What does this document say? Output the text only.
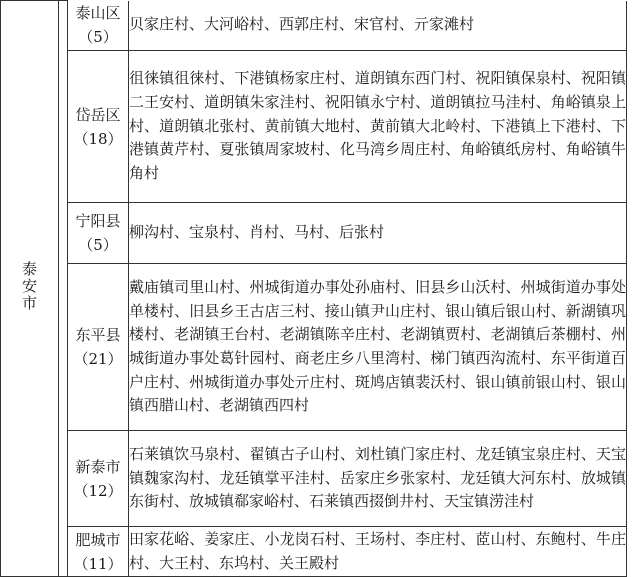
泰安市		泰山区
（5）	贝家庄村、大河峪村、西郭庄村、宋官村、亓家滩村

		岱岳区
（18）	徂徕镇徂徕村、下港镇杨家庄村、道朗镇东西门村、祝阳镇保泉村、祝阳镇二王安村、道朗镇朱家洼村、祝阳镇永宁村、道朗镇拉马洼村、角峪镇泉上村、道朗镇北张村、黄前镇大地村、黄前镇大北岭村、下港镇上下港村、下港镇黄芹村、夏张镇周家坡村、化马湾乡周庄村、角峪镇纸房村、角峪镇牛角村

		宁阳县
（5）	柳沟村、宝泉村、肖村、马村、后张村

		东平县
（21）	戴庙镇司里山村、州城街道办事处孙庙村、旧县乡山沃村、州城街道办事处单楼村、旧县乡王古店三村、接山镇尹山庄村、银山镇后银山村、新湖镇巩楼村、老湖镇王台村、老湖镇陈辛庄村、老湖镇贾村、老湖镇后茶棚村、州城街道办事处葛针园村、商老庄乡八里湾村、梯门镇西沟流村、东平街道百户庄村、州城街道办事处亓庄村、斑鸠店镇裴沃村、银山镇前银山村、银山镇西腊山村、老湖镇西四村

		新泰市
（12）	石莱镇饮马泉村、翟镇古子山村、刘杜镇门家庄村、龙廷镇宝泉庄村、天宝镇魏家沟村、龙廷镇掌平洼村、岳家庄乡张家村、龙廷镇大河东村、放城镇东街村、放城镇郗家峪村、石莱镇西掇倒井村、天宝镇涝洼村

		肥城市
（11）	田家花峪、姜家庄、小龙岗石村、王场村、李庄村、茝山村、东鲍村、牛庄村、大王村、东坞村、关王殿村
